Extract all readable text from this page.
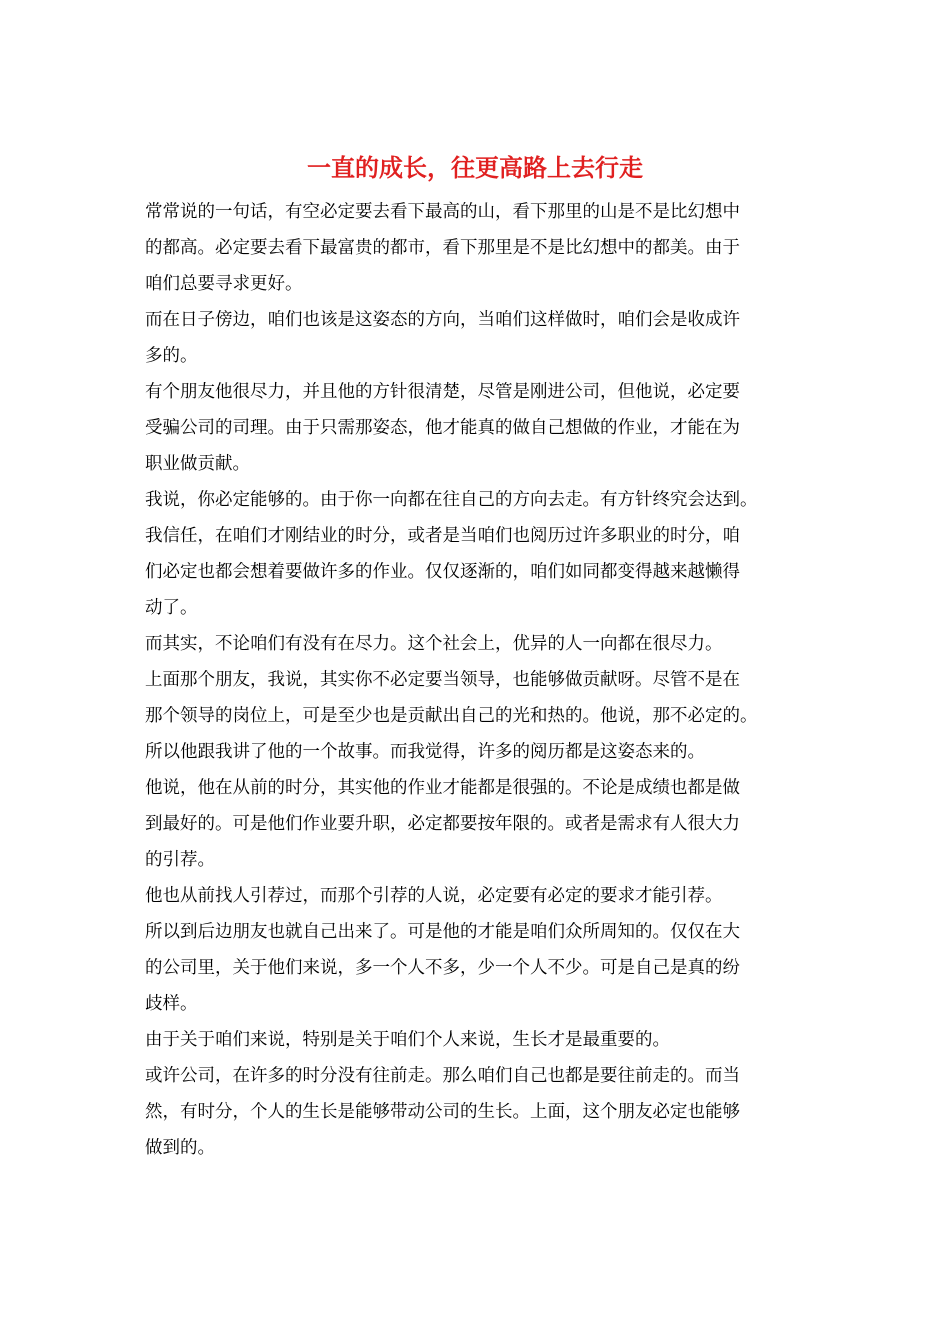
一直的成长，往更高路上去行走
常常说的一句话，有空必定要去看下最高的山，看下那里的山是不是比幻想中
的都高。必定要去看下最富贵的都市，看下那里是不是比幻想中的都美。由于
咱们总要寻求更好。
而在日子傍边，咱们也该是这姿态的方向，当咱们这样做时，咱们会是收成许
多的。
有个朋友他很尽力，并且他的方针很清楚，尽管是刚进公司，但他说，必定要
受骗公司的司理。由于只需那姿态，他才能真的做自己想做的作业，才能在为
职业做贡献。
我说，你必定能够的。由于你一向都在往自己的方向去走。有方针终究会达到。
我信任，在咱们才刚结业的时分，或者是当咱们也阅历过许多职业的时分，咱
们必定也都会想着要做许多的作业。仅仅逐渐的，咱们如同都变得越来越懒得
动了。
而其实，不论咱们有没有在尽力。这个社会上，优异的人一向都在很尽力。
上面那个朋友，我说，其实你不必定要当领导，也能够做贡献呀。尽管不是在
那个领导的岗位上，可是至少也是贡献出自己的光和热的。他说，那不必定的。
所以他跟我讲了他的一个故事。而我觉得，许多的阅历都是这姿态来的。
他说，他在从前的时分，其实他的作业才能都是很强的。不论是成绩也都是做
到最好的。可是他们作业要升职，必定都要按年限的。或者是需求有人很大力
的引荐。
他也从前找人引荐过，而那个引荐的人说，必定要有必定的要求才能引荐。
所以到后边朋友也就自己出来了。可是他的才能是咱们众所周知的。仅仅在大
的公司里，关于他们来说，多一个人不多，少一个人不少。可是自己是真的纷
歧样。
由于关于咱们来说，特别是关于咱们个人来说，生长才是最重要的。
或许公司，在许多的时分没有往前走。那么咱们自己也都是要往前走的。而当
然，有时分，个人的生长是能够带动公司的生长。上面，这个朋友必定也能够
做到的。
